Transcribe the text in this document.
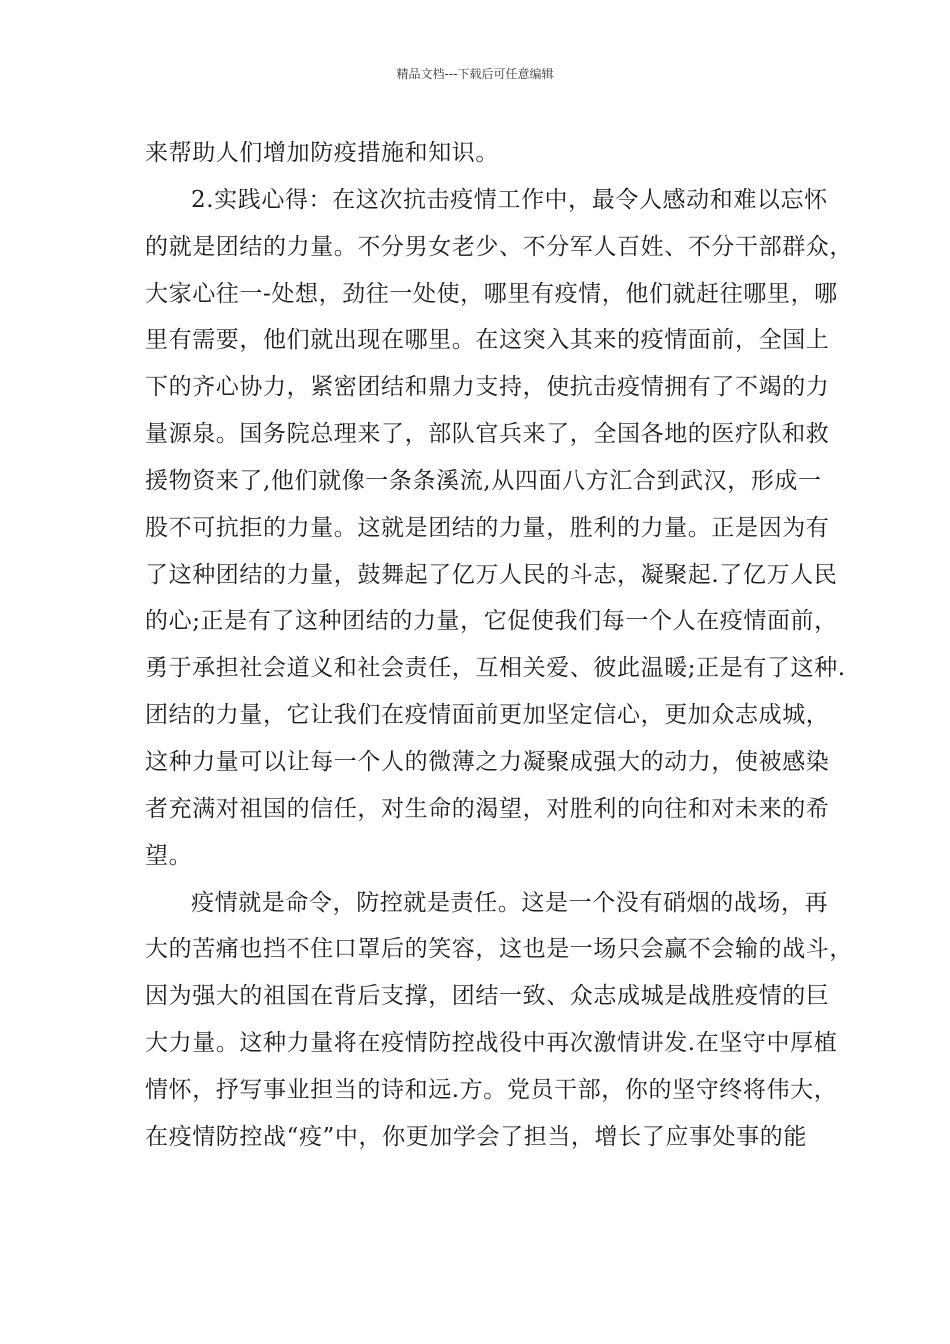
精品文档---下载后可任意编辑
来帮助人们增加防疫措施和知识。
2.实践心得：在这次抗击疫情工作中，最令人感动和难以忘怀
的就是团结的力量。不分男女老少、不分军人百姓、不分干部群众，
大家心往一-处想，劲往一处使，哪里有疫情，他们就赶往哪里，哪
里有需要，他们就出现在哪里。在这突入其来的疫情面前，全国上
下的齐心协力，紧密团结和鼎力支持，使抗击疫情拥有了不竭的力
量源泉。国务院总理来了，部队官兵来了，全国各地的医疗队和救
援物资来了,他们就像一条条溪流,从四面八方汇合到武汉，形成一
股不可抗拒的力量。这就是团结的力量，胜利的力量。正是因为有
了这种团结的力量，鼓舞起了亿万人民的斗志，凝聚起.了亿万人民
的心;正是有了这种团结的力量，它促使我们每一个人在疫情面前，
勇于承担社会道义和社会责任，互相关爱、彼此温暖;正是有了这种.
团结的力量，它让我们在疫情面前更加坚定信心，更加众志成城，
这种力量可以让每一个人的微薄之力凝聚成强大的动力，使被感染
者充满对祖国的信任，对生命的渴望，对胜利的向往和对未来的希
望。
疫情就是命令，防控就是责任。这是一个没有硝烟的战场，再
大的苦痛也挡不住口罩后的笑容，这也是一场只会赢不会输的战斗，
因为强大的祖国在背后支撑，团结一致、众志成城是战胜疫情的巨
大力量。这种力量将在疫情防控战役中再次激情讲发.在坚守中厚植
情怀，抒写事业担当的诗和远.方。党员干部，你的坚守终将伟大，
在疫情防控战“疫”中，你更加学会了担当，增长了应事处事的能
